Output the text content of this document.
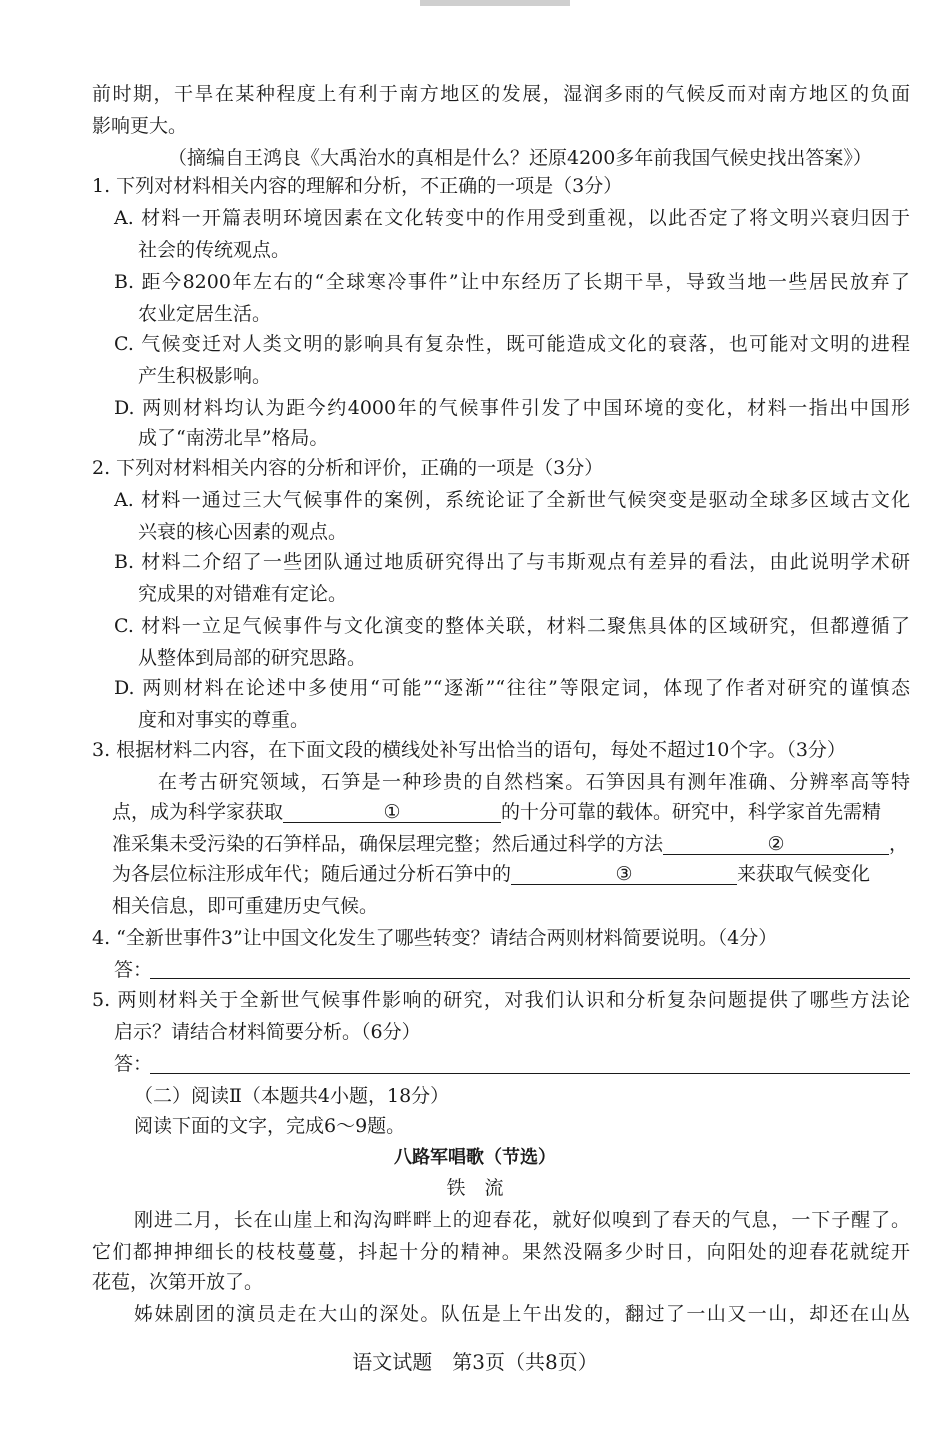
前时期，干旱在某种程度上有利于南方地区的发展，湿润多雨的气候反而对南方地区的负面
影响更大。
（摘编自王鸿良《大禹治水的真相是什么？还原4200多年前我国气候史找出答案》）
1. 下列对材料相关内容的理解和分析，不正确的一项是（3分）
A. 材料一开篇表明环境因素在文化转变中的作用受到重视，以此否定了将文明兴衰归因于
社会的传统观点。
B. 距今8200年左右的“全球寒冷事件”让中东经历了长期干旱，导致当地一些居民放弃了
农业定居生活。
C. 气候变迁对人类文明的影响具有复杂性，既可能造成文化的衰落，也可能对文明的进程
产生积极影响。
D. 两则材料均认为距今约4000年的气候事件引发了中国环境的变化，材料一指出中国形
成了“南涝北旱”格局。
2. 下列对材料相关内容的分析和评价，正确的一项是（3分）
A. 材料一通过三大气候事件的案例，系统论证了全新世气候突变是驱动全球多区域古文化
兴衰的核心因素的观点。
B. 材料二介绍了一些团队通过地质研究得出了与韦斯观点有差异的看法，由此说明学术研
究成果的对错难有定论。
C. 材料一立足气候事件与文化演变的整体关联，材料二聚焦具体的区域研究，但都遵循了
从整体到局部的研究思路。
D. 两则材料在论述中多使用“可能”“逐渐”“往往”等限定词，体现了作者对研究的谨慎态
度和对事实的尊重。
3. 根据材料二内容，在下面文段的横线处补写出恰当的语句，每处不超过10个字。（3分）
在考古研究领域，石笋是一种珍贵的自然档案。石笋因具有测年准确、分辨率高等特
点，成为科学家获取	①	的十分可靠的载体。研究中，科学家首先需精
准采集未受污染的石笋样品，确保层理完整；然后通过科学的方法	②	，
为各层位标注形成年代；随后通过分析石笋中的	③	来获取气候变化
相关信息，即可重建历史气候。
4. “全新世事件3”让中国文化发生了哪些转变？请结合两则材料简要说明。（4分）
答：
5. 两则材料关于全新世气候事件影响的研究，对我们认识和分析复杂问题提供了哪些方法论
启示？请结合材料简要分析。（6分）
答：
（二）阅读Ⅱ（本题共4小题，18分）
阅读下面的文字，完成6～9题。
八路军唱歌（节选）
铁　流
刚进二月，长在山崖上和沟沟畔畔上的迎春花，就好似嗅到了春天的气息，一下子醒了。
它们都抻抻细长的枝枝蔓蔓，抖起十分的精神。果然没隔多少时日，向阳处的迎春花就绽开
花苞，次第开放了。
姊妹剧团的演员走在大山的深处。队伍是上午出发的，翻过了一山又一山，却还在山丛
语文试题　第3页（共8页）
